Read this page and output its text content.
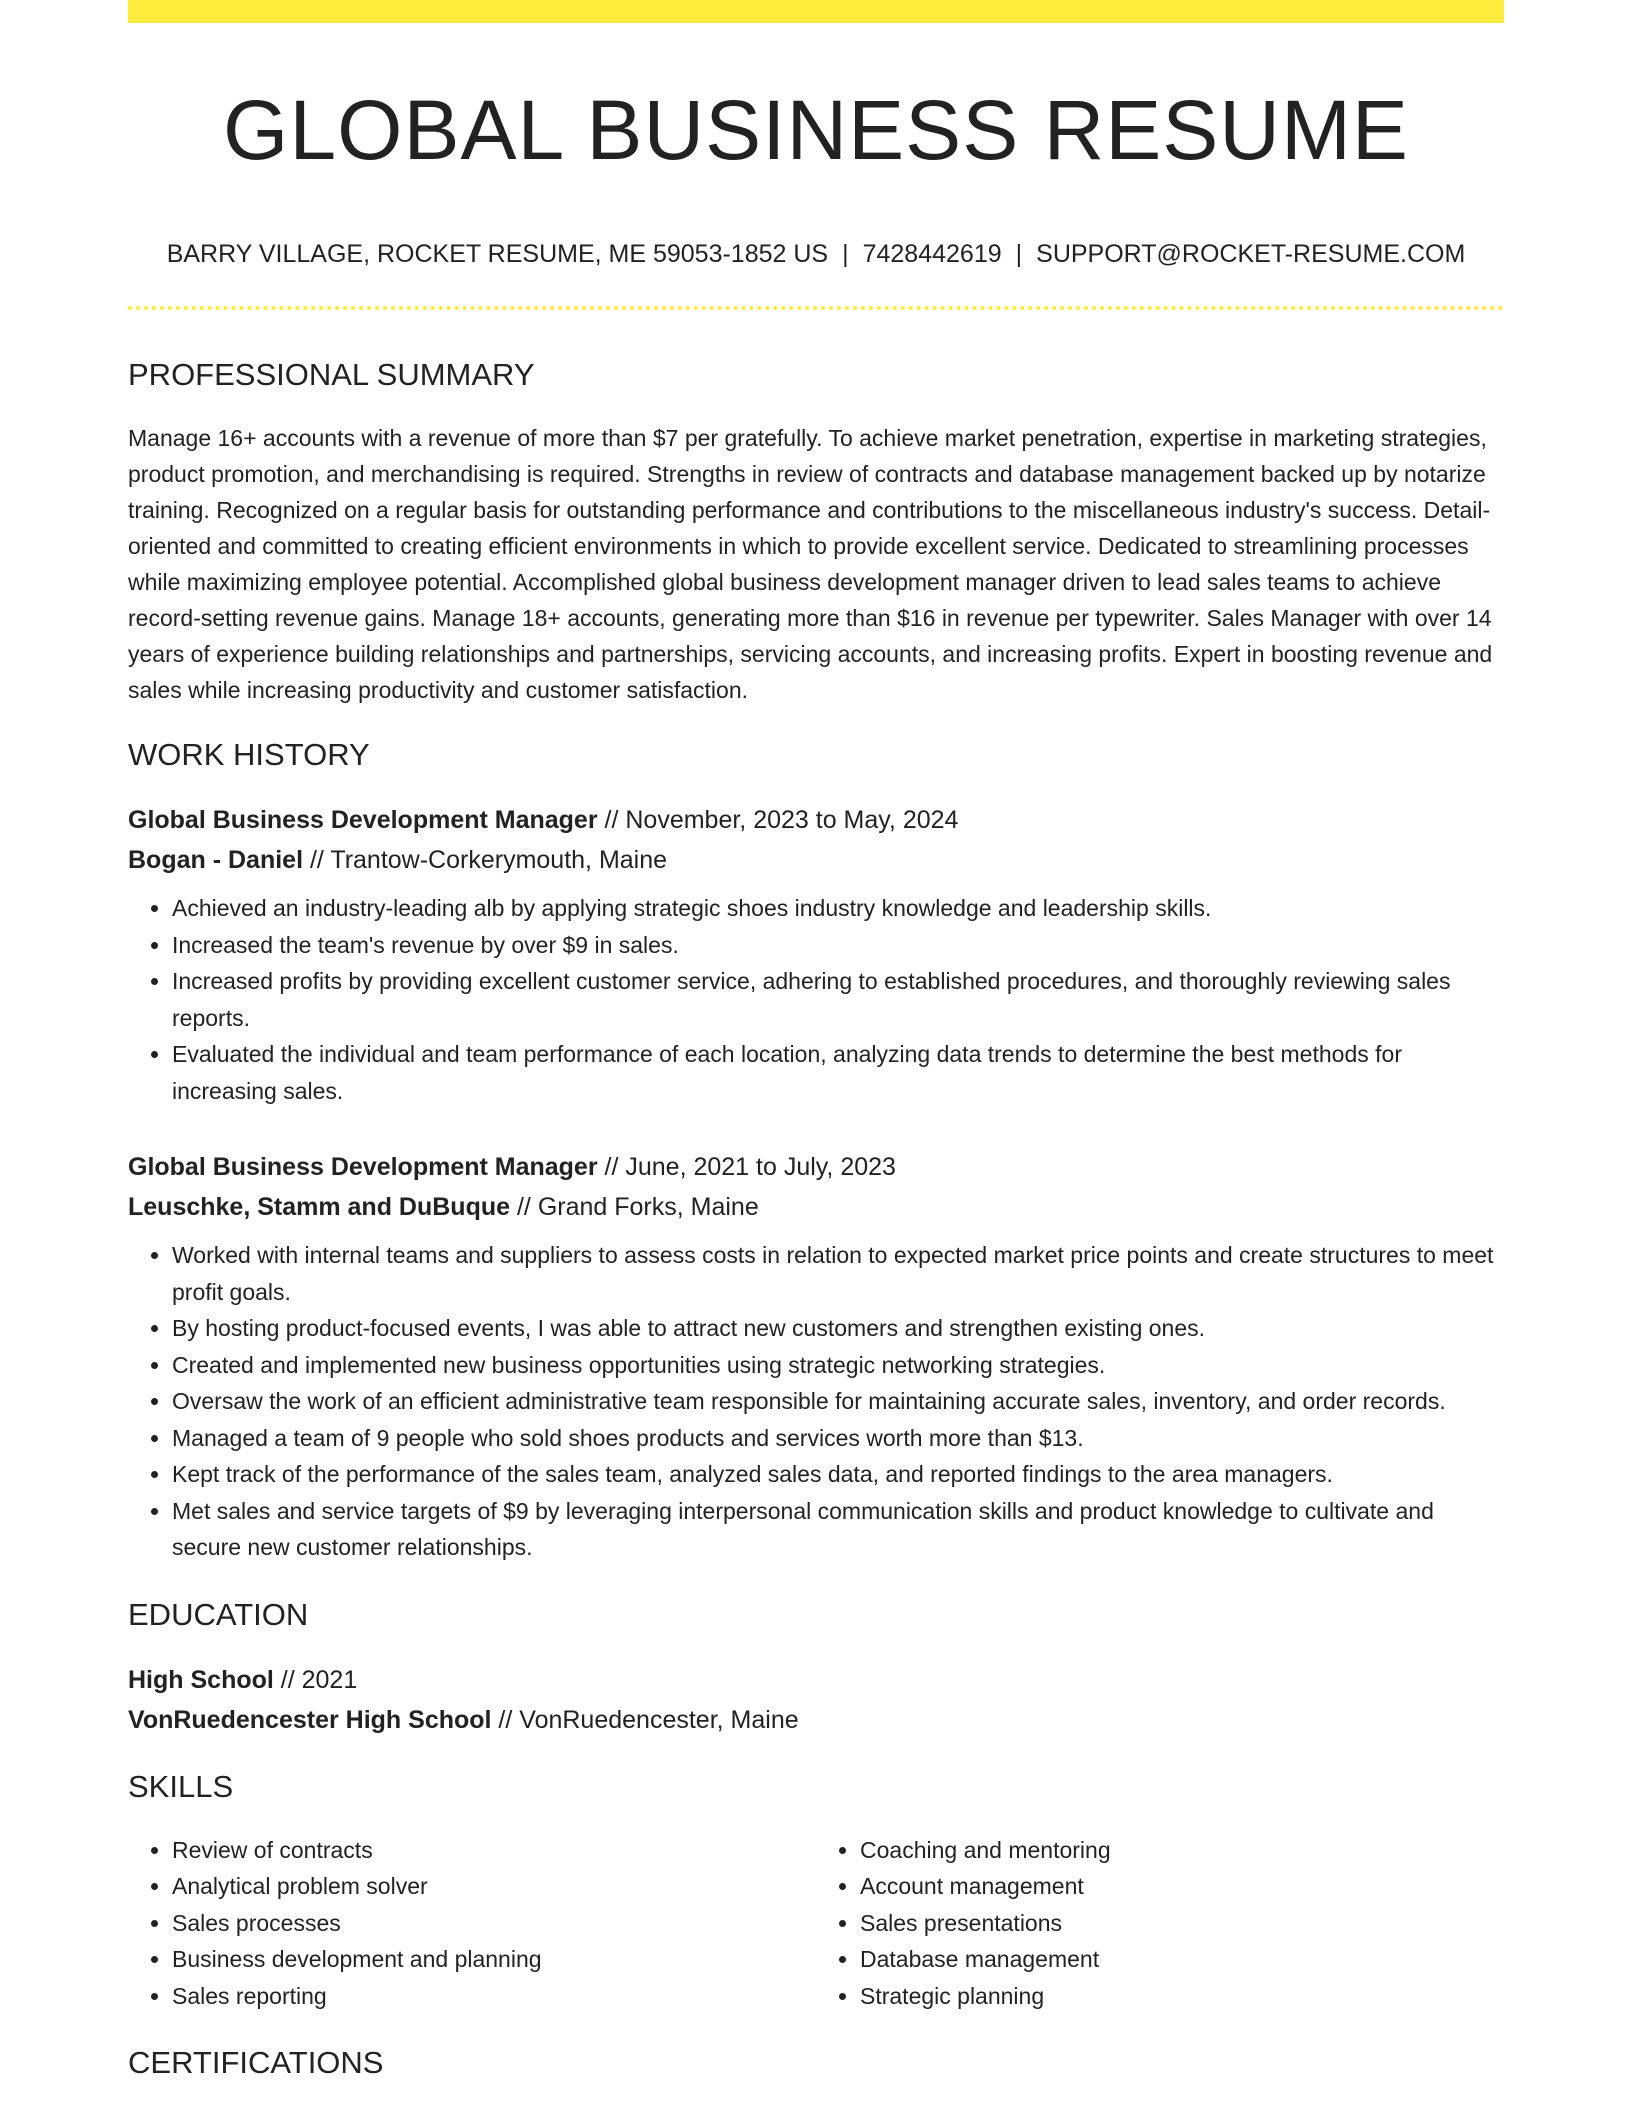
GLOBAL BUSINESS RESUME
BARRY VILLAGE, ROCKET RESUME, ME 59053-1852 US | 7428442619 | SUPPORT@ROCKET-RESUME.COM
PROFESSIONAL SUMMARY

Manage 16+ accounts with a revenue of more than $7 per gratefully. To achieve market penetration, expertise in marketing strategies, product promotion, and merchandising is required. Strengths in review of contracts and database management backed up by notarize training. Recognized on a regular basis for outstanding performance and contributions to the miscellaneous industry's success. Detail-oriented and committed to creating efficient environments in which to provide excellent service. Dedicated to streamlining processes while maximizing employee potential. Accomplished global business development manager driven to lead sales teams to achieve record-setting revenue gains. Manage 18+ accounts, generating more than $16 in revenue per typewriter. Sales Manager with over 14 years of experience building relationships and partnerships, servicing accounts, and increasing profits. Expert in boosting revenue and sales while increasing productivity and customer satisfaction.

WORK HISTORY

Global Business Development Manager // November, 2023 to May, 2024

Bogan - Daniel // Trantow-Corkerymouth, Maine

• Achieved an industry-leading alb by applying strategic shoes industry knowledge and leadership skills.
• Increased the team's revenue by over $9 in sales.
• Increased profits by providing excellent customer service, adhering to established procedures, and thoroughly reviewing sales reports.
• Evaluated the individual and team performance of each location, analyzing data trends to determine the best methods for increasing sales.

Global Business Development Manager // June, 2021 to July, 2023

Leuschke, Stamm and DuBuque // Grand Forks, Maine

• Worked with internal teams and suppliers to assess costs in relation to expected market price points and create structures to meet profit goals.
• By hosting product-focused events, I was able to attract new customers and strengthen existing ones.
• Created and implemented new business opportunities using strategic networking strategies.
• Oversaw the work of an efficient administrative team responsible for maintaining accurate sales, inventory, and order records.
• Managed a team of 9 people who sold shoes products and services worth more than $13.
• Kept track of the performance of the sales team, analyzed sales data, and reported findings to the area managers.
• Met sales and service targets of $9 by leveraging interpersonal communication skills and product knowledge to cultivate and secure new customer relationships.
EDUCATION

High School // 2021

VonRuedencester High School // VonRuedencester, Maine

SKILLS
• Review of contracts
• Analytical problem solver
• Sales processes
• Business development and planning
• Sales reporting
• Coaching and mentoring
• Account management
• Sales presentations
• Database management
• Strategic planning
CERTIFICATIONS
